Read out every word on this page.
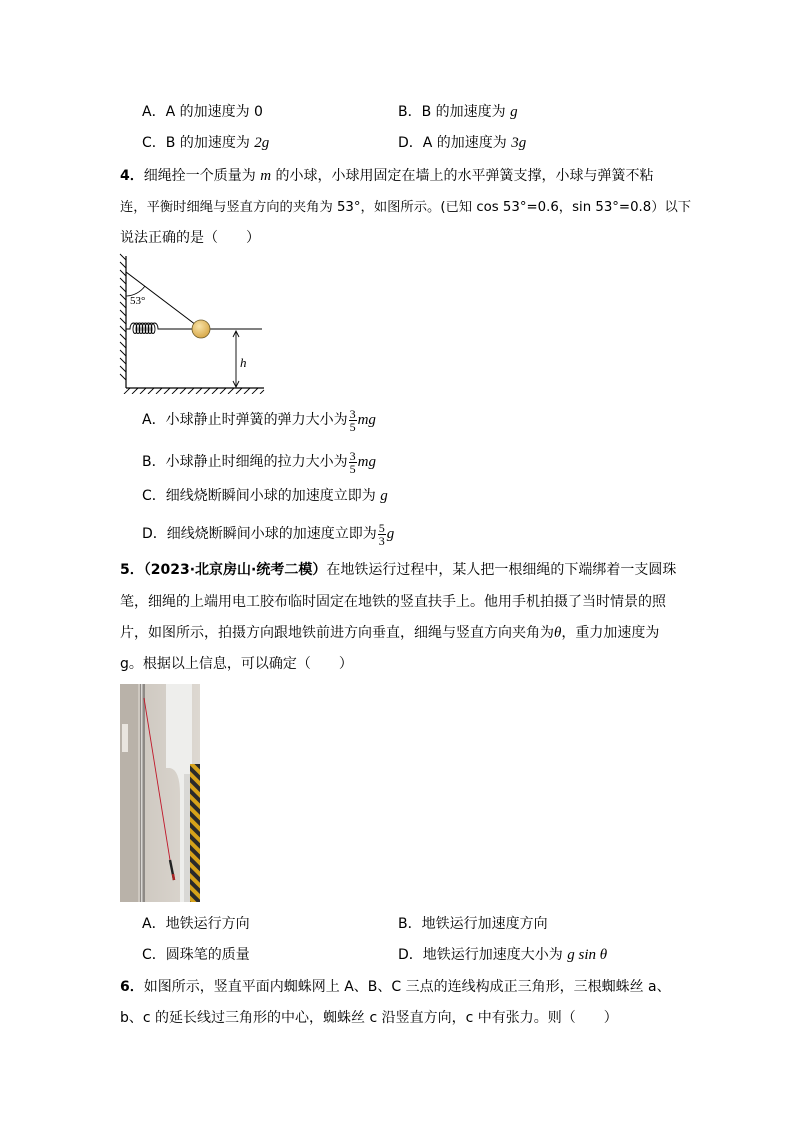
A．A 的加速度为 0	B．B 的加速度为 g
C．B 的加速度为 2g	D．A 的加速度为 3g
4．细绳拴一个质量为 m 的小球，小球用固定在墙上的水平弹簧支撑，小球与弹簧不粘
连，平衡时细绳与竖直方向的夹角为 53°，如图所示。(已知 cos 53°=0.6，sin 53°=0.8）以下
说法正确的是（　　）
53°
h
A．小球静止时弹簧的弹力大小为 $\frac{3}{5}$ mg
B．小球静止时细绳的拉力大小为 $\frac{3}{5}$ mg
C．细线烧断瞬间小球的加速度立即为 g
D．细线烧断瞬间小球的加速度立即为 $\frac{5}{3}$ g
5．（2023·北京房山·统考二模）在地铁运行过程中，某人把一根细绳的下端绑着一支圆珠
笔，细绳的上端用电工胶布临时固定在地铁的竖直扶手上。他用手机拍摄了当时情景的照
片，如图所示，拍摄方向跟地铁前进方向垂直，细绳与竖直方向夹角为θ，重力加速度为
g。根据以上信息，可以确定（　　）
A．地铁运行方向	B．地铁运行加速度方向
C．圆珠笔的质量	D．地铁运行加速度大小为 g sin θ
6．如图所示，竖直平面内蜘蛛网上 A、B、C 三点的连线构成正三角形，三根蜘蛛丝 a、
b、c 的延长线过三角形的中心，蜘蛛丝 c 沿竖直方向，c 中有张力。则（　　）
